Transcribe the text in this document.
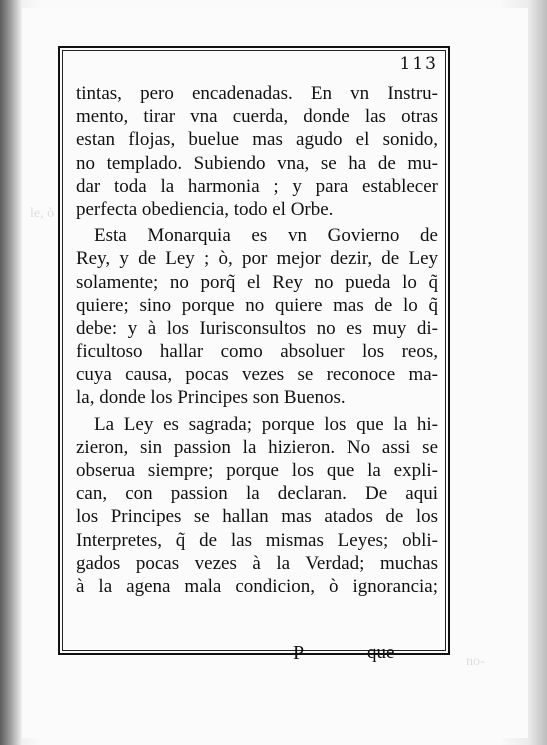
le, ò
no-
113
tintas, pero encadenadas. En vn Instru-
mento, tirar vna cuerda, donde las otras
estan flojas, buelue mas agudo el sonido,
no templado. Subiendo vna, se ha de mu-
dar toda la harmonia ; y para establecer
perfecta obediencia, todo el Orbe.
Esta Monarquia es vn Govierno de
Rey, y de Ley ; ò, por mejor dezir, de Ley
solamente; no porq̃ el Rey no pueda lo q̃
quiere; sino porque no quiere mas de lo q̃
debe: y à los Iurisconsultos no es muy di-
ficultoso hallar como absoluer los reos,
cuya causa, pocas vezes se reconoce ma-
la, donde los Principes son Buenos.
La Ley es sagrada; porque los que la hi-
zieron, sin passion la hizieron. No assi se
obserua siempre; porque los que la expli-
can, con passion la declaran. De aqui
los Principes se hallan mas atados de los
Interpretes, q̃ de las mismas Leyes; obli-
gados pocas vezes à la Verdad; muchas
à la agena mala condicion, ò ignorancia;
P	que
